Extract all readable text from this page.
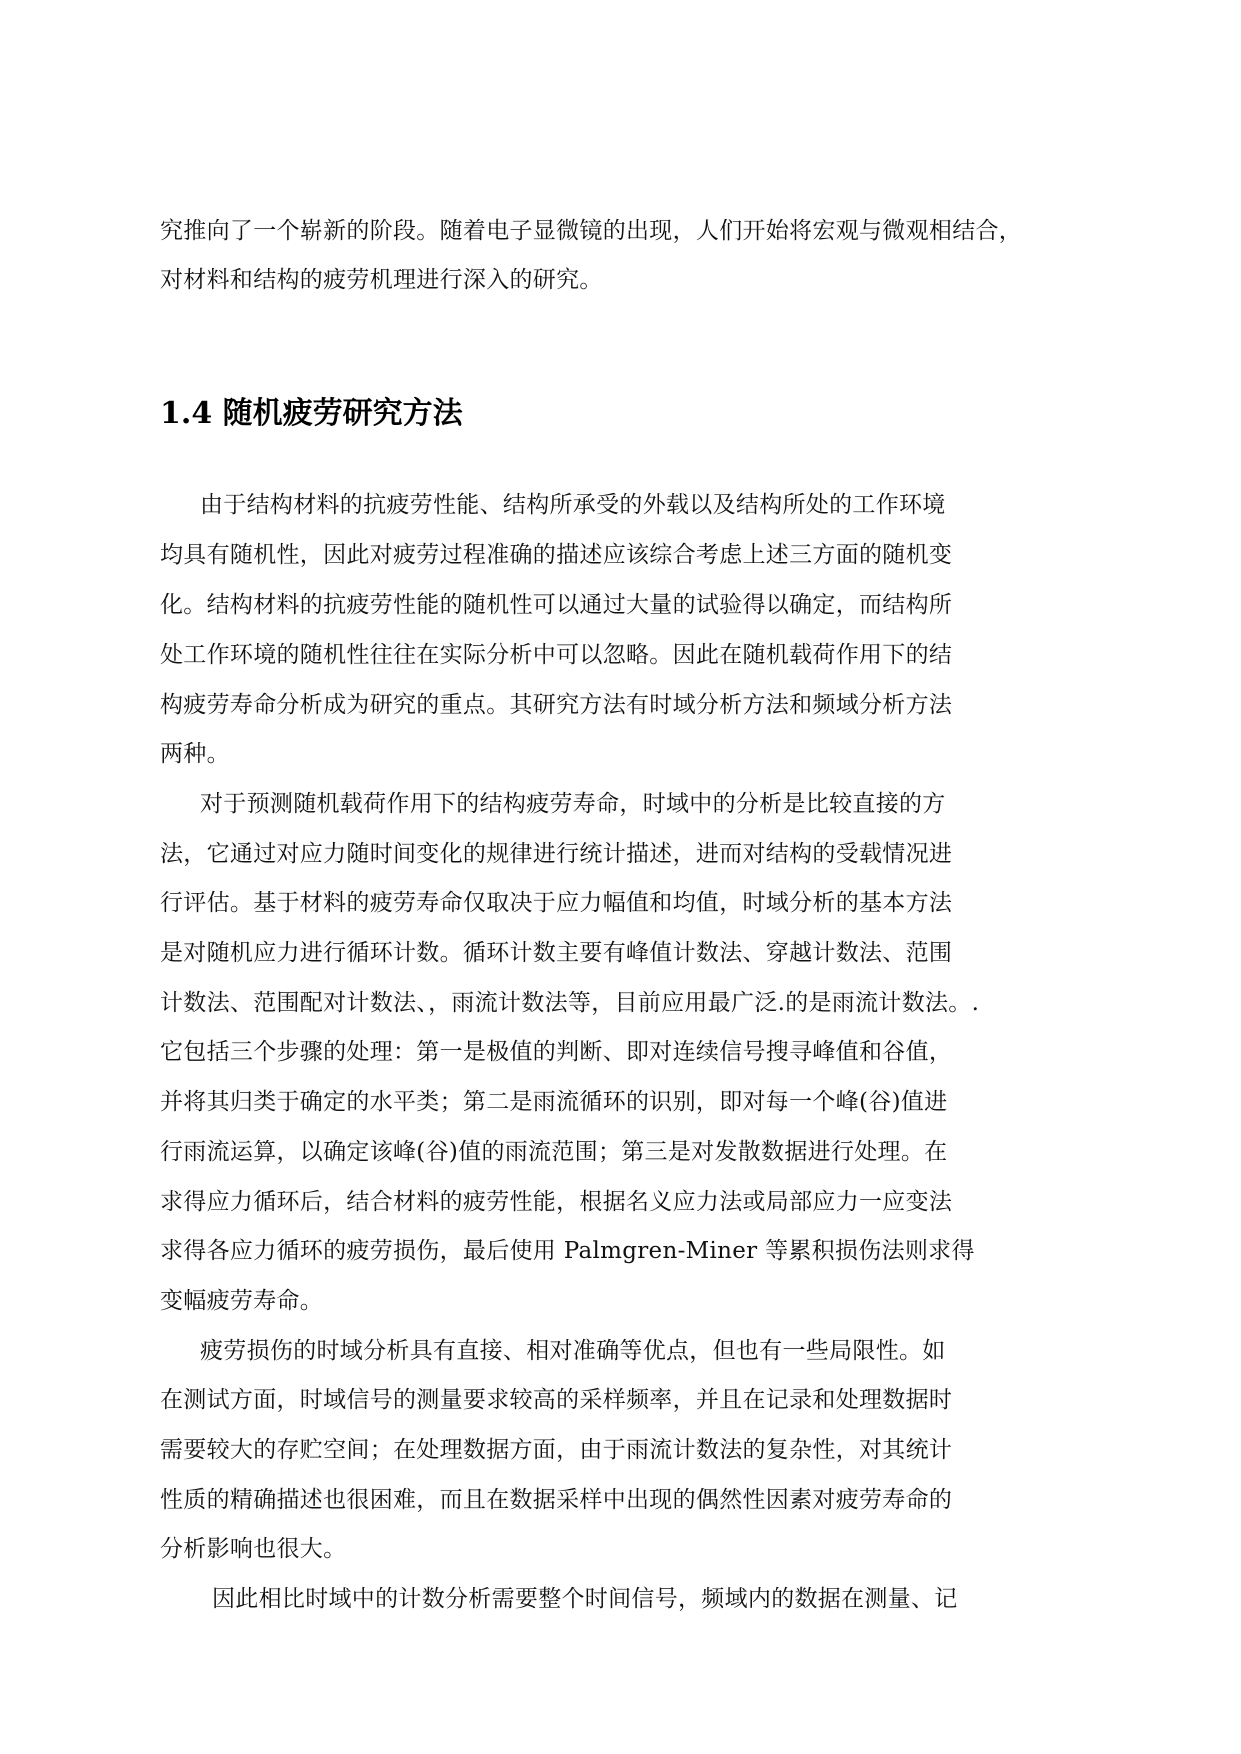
究推向了一个崭新的阶段。随着电子显微镜的出现，人们开始将宏观与微观相结合，
对材料和结构的疲劳机理进行深入的研究。
1.4 随机疲劳研究方法
由于结构材料的抗疲劳性能、结构所承受的外载以及结构所处的工作环境
均具有随机性，因此对疲劳过程准确的描述应该综合考虑上述三方面的随机变
化。结构材料的抗疲劳性能的随机性可以通过大量的试验得以确定，而结构所
处工作环境的随机性往往在实际分析中可以忽略。因此在随机载荷作用下的结
构疲劳寿命分析成为研究的重点。其研究方法有时域分析方法和频域分析方法
两种。
对于预测随机载荷作用下的结构疲劳寿命，时域中的分析是比较直接的方
法，它通过对应力随时间变化的规律进行统计描述，进而对结构的受载情况进
行评估。基于材料的疲劳寿命仅取决于应力幅值和均值，时域分析的基本方法
是对随机应力进行循环计数。循环计数主要有峰值计数法、穿越计数法、范围
计数法、范围配对计数法、，雨流计数法等，目前应用最广泛.的是雨流计数法。.
它包括三个步骤的处理：第一是极值的判断、即对连续信号搜寻峰值和谷值，
并将其归类于确定的水平类；第二是雨流循环的识别，即对每一个峰(谷)值进
行雨流运算，以确定该峰(谷)值的雨流范围；第三是对发散数据进行处理。在
求得应力循环后，结合材料的疲劳性能，根据名义应力法或局部应力一应变法
求得各应力循环的疲劳损伤，最后使用 Palmgren-Miner 等累积损伤法则求得
变幅疲劳寿命。
疲劳损伤的时域分析具有直接、相对准确等优点，但也有一些局限性。如
在测试方面，时域信号的测量要求较高的采样频率，并且在记录和处理数据时
需要较大的存贮空间；在处理数据方面，由于雨流计数法的复杂性，对其统计
性质的精确描述也很困难，而且在数据采样中出现的偶然性因素对疲劳寿命的
分析影响也很大。
因此相比时域中的计数分析需要整个时间信号，频域内的数据在测量、记
